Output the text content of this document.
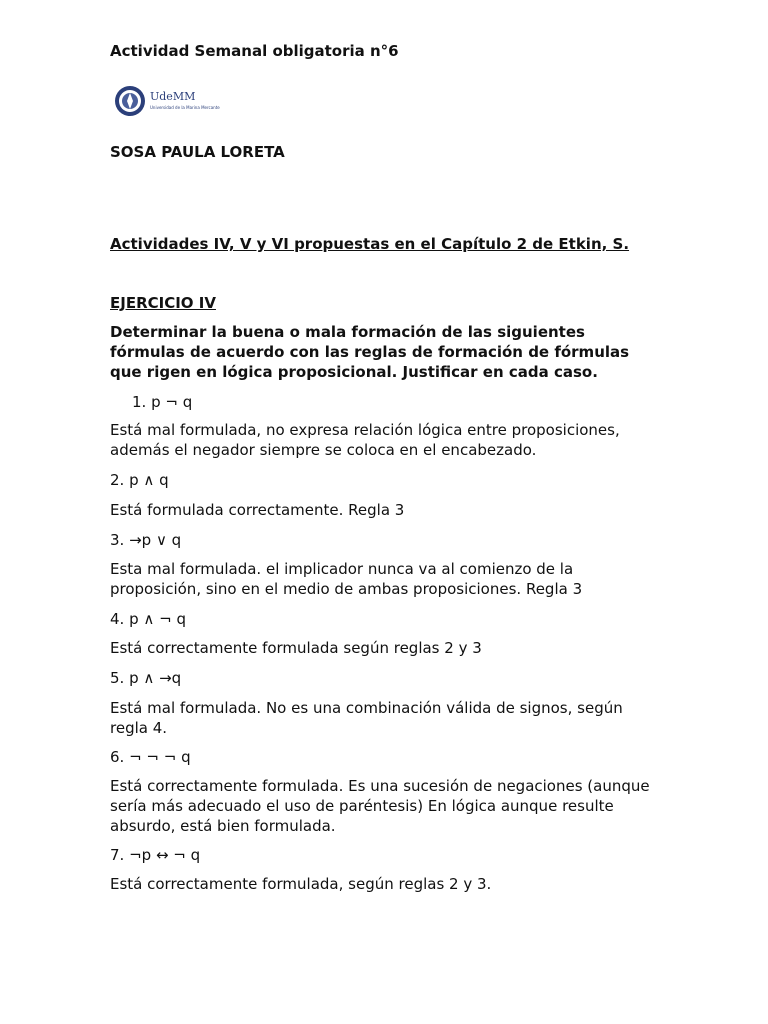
Actividad Semanal obligatoria n°6
UdeMM
Universidad de la Marina Mercante
SOSA PAULA LORETA
Actividades IV, V y VI propuestas en el Capítulo 2 de Etkin, S.
EJERCICIO IV
Determinar la buena o mala formación de las siguientes fórmulas de acuerdo con las reglas de formación de fórmulas que rigen en lógica proposicional. Justificar en cada caso.
1. p ¬ q
Está mal formulada, no expresa relación lógica entre proposiciones, además el negador siempre se coloca en el encabezado.
2. p ∧ q
Está formulada correctamente. Regla 3
3. →p ∨ q
Esta mal formulada. el implicador nunca va al comienzo de la proposición, sino en el medio de ambas proposiciones. Regla 3
4. p ∧ ¬ q
Está correctamente formulada según reglas 2 y 3
5. p ∧ →q
Está mal formulada. No es una combinación válida de signos, según regla 4.
6. ¬ ¬ ¬ q
Está correctamente formulada. Es una sucesión de negaciones (aunque sería más adecuado el uso de paréntesis) En lógica aunque resulte absurdo, está bien formulada.
7. ¬p ↔ ¬ q
Está correctamente formulada, según reglas 2 y 3.
